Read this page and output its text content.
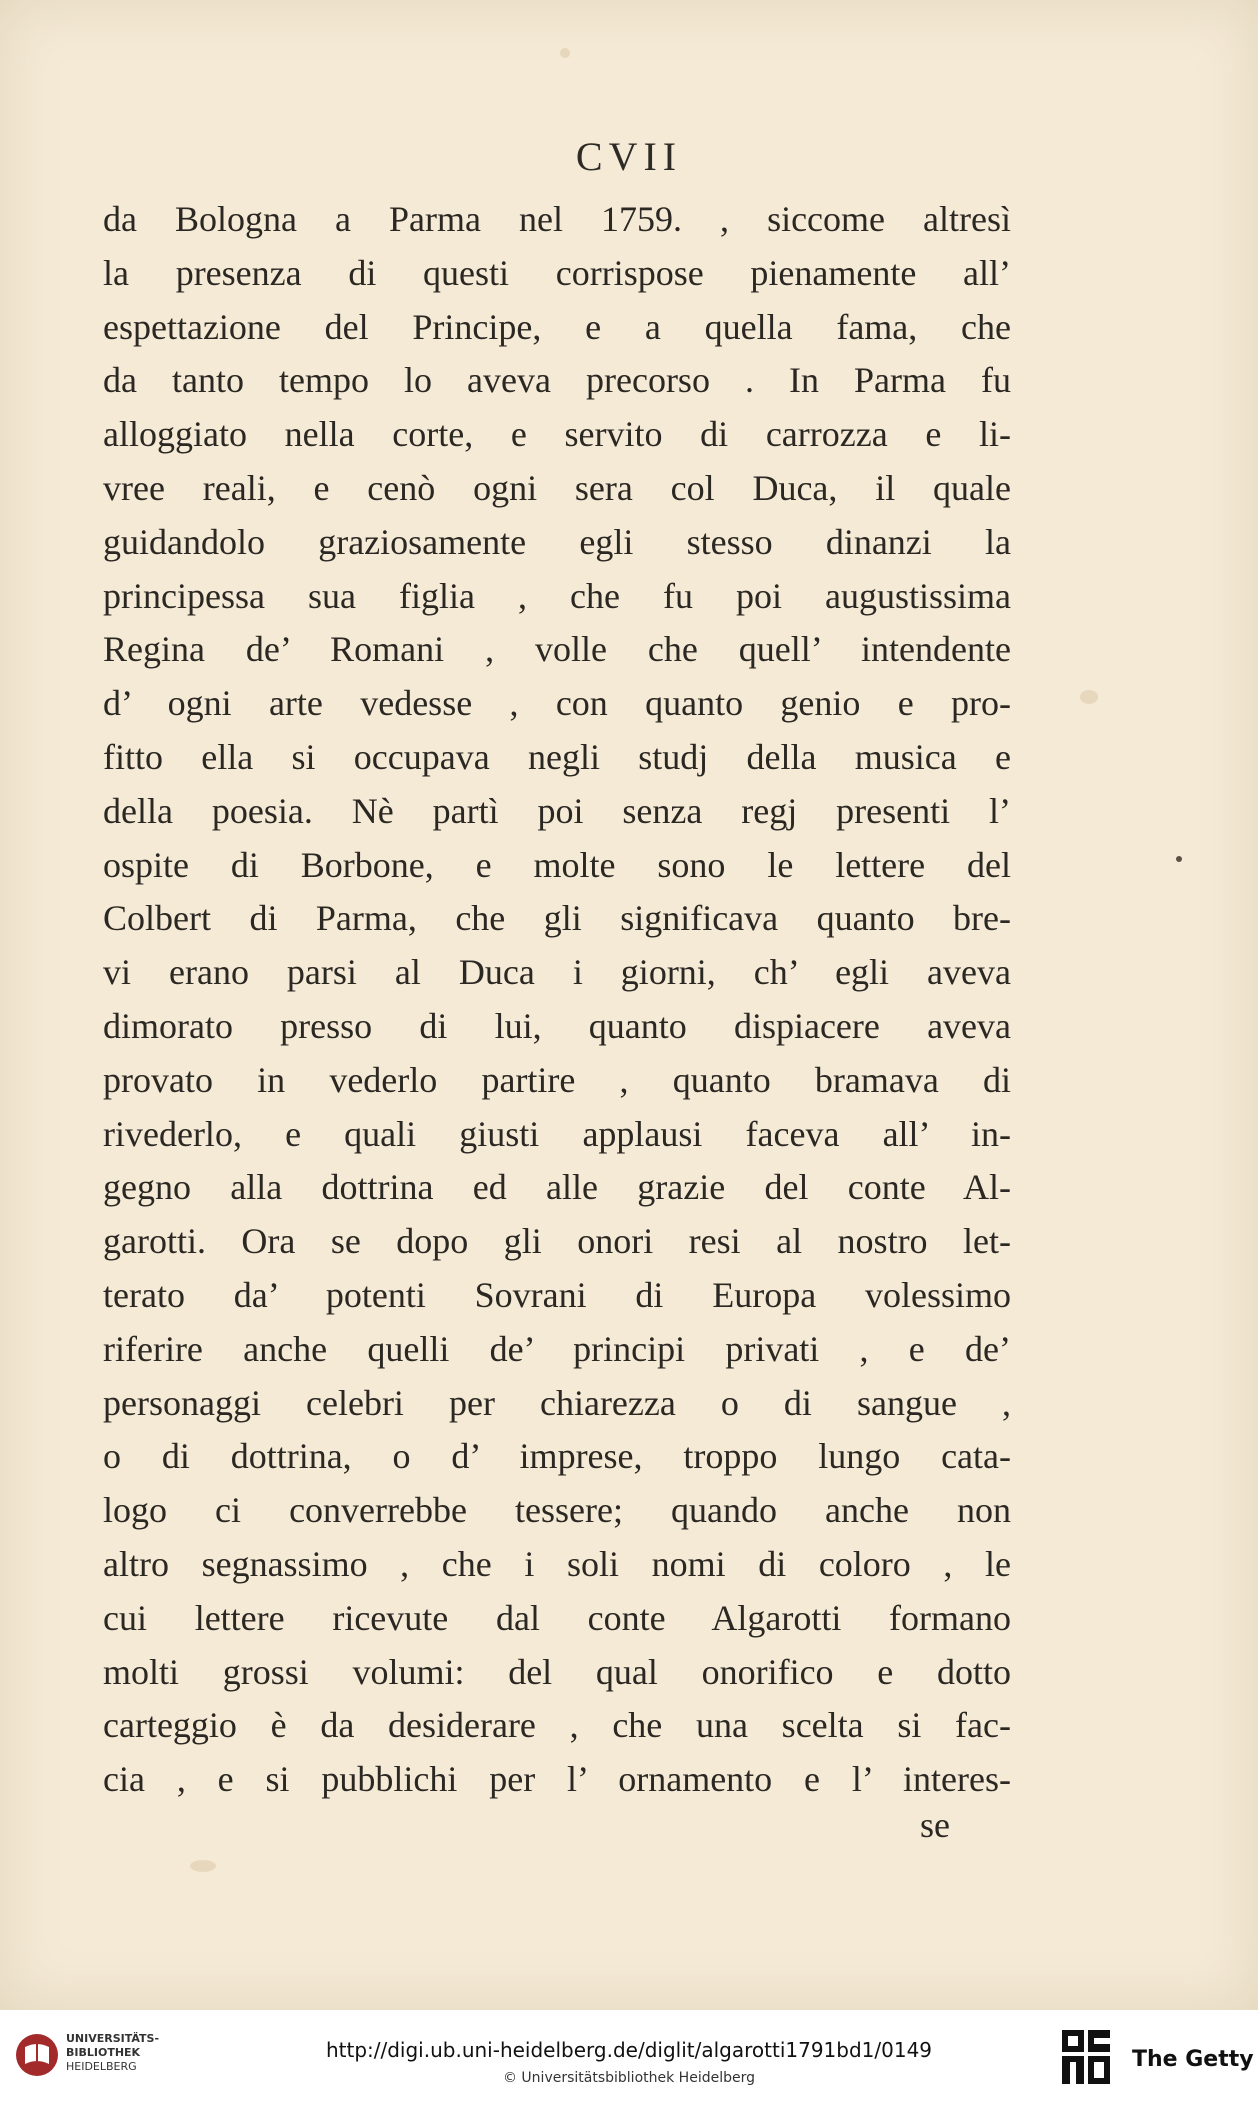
CVII
da Bologna a Parma nel 1759. , siccome altresì
la presenza di questi corrispose pienamente all’
espettazione del Principe, e a quella fama, che
da tanto tempo lo aveva precorso . In Parma fu
alloggiato nella corte, e servito di carrozza e li-
vree reali, e cenò ogni sera col Duca, il quale
guidandolo graziosamente egli stesso dinanzi la
principessa sua figlia , che fu poi augustissima
Regina de’ Romani , volle che quell’ intendente
d’ ogni arte vedesse , con quanto genio e pro-
fitto ella si occupava negli studj della musica e
della poesia. Nè partì poi senza regj presenti l’
ospite di Borbone, e molte sono le lettere del
Colbert di Parma, che gli significava quanto bre-
vi erano parsi al Duca i giorni, ch’ egli aveva
dimorato presso di lui, quanto dispiacere aveva
provato in vederlo partire , quanto bramava di
rivederlo, e quali giusti applausi faceva all’ in-
gegno alla dottrina ed alle grazie del conte Al-
garotti. Ora se dopo gli onori resi al nostro let-
terato da’ potenti Sovrani di Europa volessimo
riferire anche quelli de’ principi privati , e de’
personaggi celebri per chiarezza o di sangue ,
o di dottrina, o d’ imprese, troppo lungo cata-
logo ci converrebbe tessere; quando anche non
altro segnassimo , che i soli nomi di coloro , le
cui lettere ricevute dal conte Algarotti formano
molti grossi volumi: del qual onorifico e dotto
carteggio è da desiderare , che una scelta si fac-
cia , e si pubblichi per l’ ornamento e l’ interes-
se
UNIVERSITÄTS-
BIBLIOTHEK
HEIDELBERG
http://digi.ub.uni-heidelberg.de/diglit/algarotti1791bd1/0149
© Universitätsbibliothek Heidelberg
The Getty
